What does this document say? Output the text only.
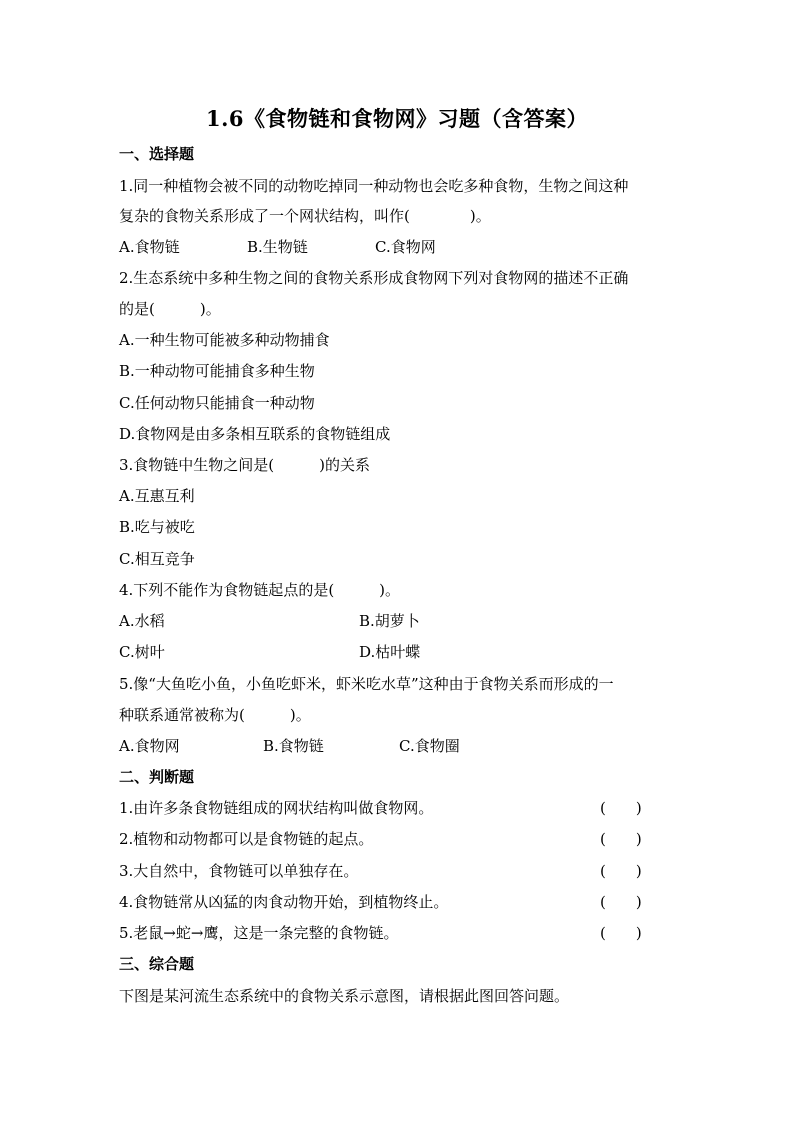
1.6《食物链和食物网》习题（含答案）
一、选择题
1.同一种植物会被不同的动物吃掉同一种动物也会吃多种食物，生物之间这种
复杂的食物关系形成了一个网状结构，叫作(　　　　)。
A.食物链	B.生物链	C.食物网
2.生态系统中多种生物之间的食物关系形成食物网下列对食物网的描述不正确
的是(　　　)。
A.一种生物可能被多种动物捕食
B.一种动物可能捕食多种生物
C.任何动物只能捕食一种动物
D.食物网是由多条相互联系的食物链组成
3.食物链中生物之间是(　　　)的关系
A.互惠互利
B.吃与被吃
C.相互竞争
4.下列不能作为食物链起点的是(　　　)。
A.水稻	B.胡萝卜
C.树叶	D.枯叶蝶
5.像“大鱼吃小鱼，小鱼吃虾米，虾米吃水草”这种由于食物关系而形成的一
种联系通常被称为(　　　)。
A.食物网	B.食物链	C.食物圈
二、判断题
1.由许多条食物链组成的网状结构叫做食物网。	(　　)
2.植物和动物都可以是食物链的起点。	(　　)
3.大自然中，食物链可以单独存在。	(　　)
4.食物链常从凶猛的肉食动物开始，到植物终止。	(　　)
5.老鼠→蛇→鹰，这是一条完整的食物链。	(　　)
三、综合题
下图是某河流生态系统中的食物关系示意图，请根据此图回答问题。
